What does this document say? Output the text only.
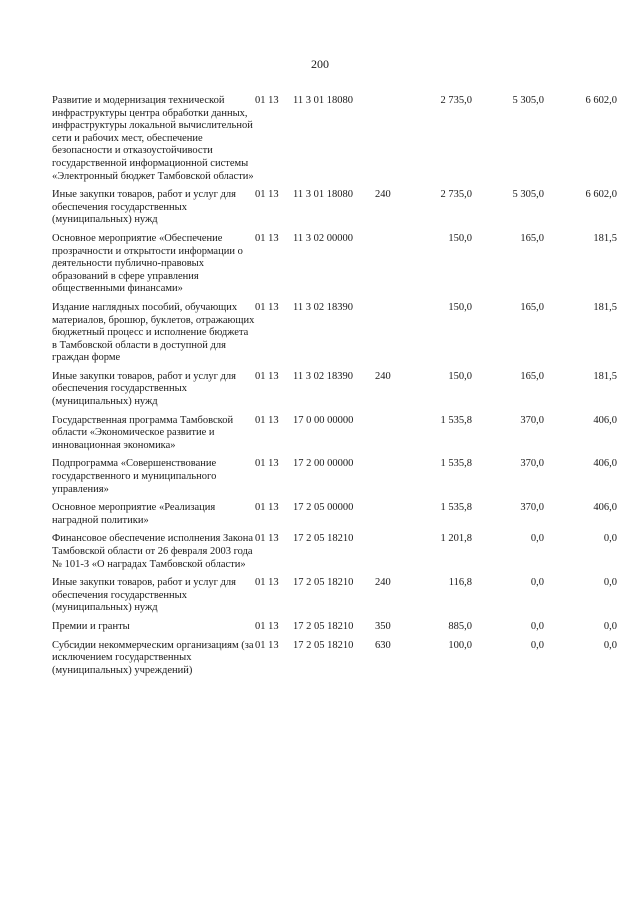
200
Развитие и модернизация технической инфраструктуры центра обработки данных, инфраструктуры локальной вычислительной сети и рабочих мест, обеспечение безопасности и отказоустойчивости государственной информационной системы «Электронный бюджет Тамбовской области»	01 13	11 3 01 18080		2 735,0	5 305,0	6 602,0
Иные закупки товаров, работ и услуг для обеспечения государственных (муниципальных) нужд	01 13	11 3 01 18080	240	2 735,0	5 305,0	6 602,0
Основное мероприятие «Обеспечение прозрачности и открытости информации о деятельности публично-правовых образований в сфере управления общественными финансами»	01 13	11 3 02 00000		150,0	165,0	181,5
Издание наглядных пособий, обучающих материалов, брошюр, буклетов, отражающих бюджетный процесс и исполнение бюджета в Тамбовской области в доступной для граждан форме	01 13	11 3 02 18390		150,0	165,0	181,5
Иные закупки товаров, работ и услуг для обеспечения государственных (муниципальных) нужд	01 13	11 3 02 18390	240	150,0	165,0	181,5
Государственная программа Тамбовской области «Экономическое развитие и инновационная экономика»	01 13	17 0 00 00000		1 535,8	370,0	406,0
Подпрограмма «Совершенствование государственного и муниципального управления»	01 13	17 2 00 00000		1 535,8	370,0	406,0
Основное мероприятие «Реализация наградной политики»	01 13	17 2 05 00000		1 535,8	370,0	406,0
Финансовое обеспечение исполнения Закона Тамбовской области от 26 февраля 2003 года № 101-З «О наградах Тамбовской области»	01 13	17 2 05 18210		1 201,8	0,0	0,0
Иные закупки товаров, работ и услуг для обеспечения государственных (муниципальных) нужд	01 13	17 2 05 18210	240	116,8	0,0	0,0
Премии и гранты	01 13	17 2 05 18210	350	885,0	0,0	0,0
Субсидии некоммерческим организациям (за исключением государственных (муниципальных) учреждений)	01 13	17 2 05 18210	630	100,0	0,0	0,0
